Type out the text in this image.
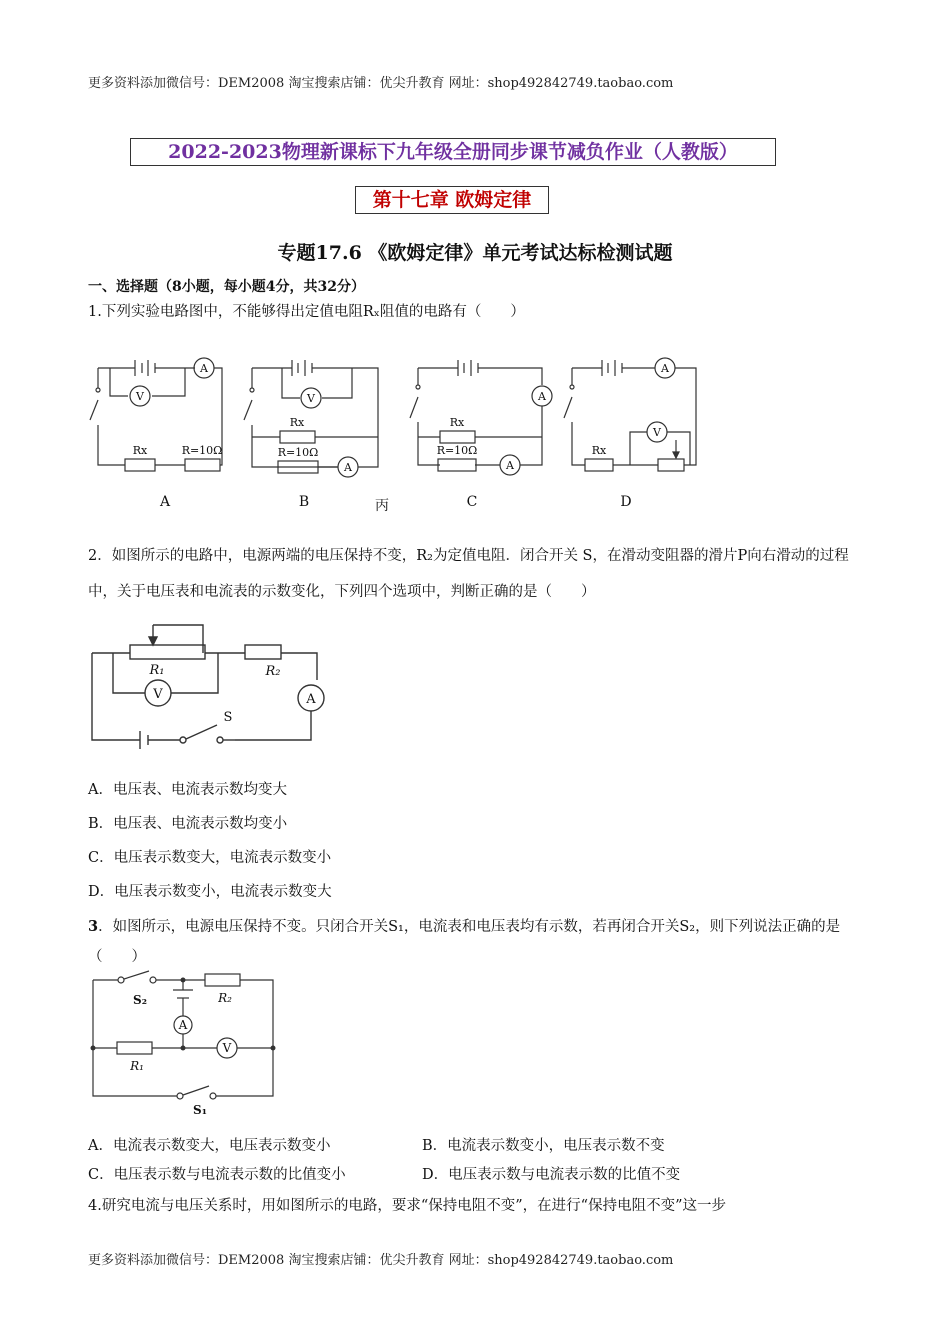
更多资料添加微信号：DEM2008 淘宝搜索店铺：优尖升教育 网址：shop492842749.taobao.com
2022-2023物理新课标下九年级全册同步课节减负作业（人教版）
第十七章 欧姆定律
专题17.6 《欧姆定律》单元考试达标检测试题
一、选择题（8小题，每小题4分，共32分）
1.下列实验电路图中，不能够得出定值电阻Rₓ阻值的电路有（　　）
V
A
Rx	R=10Ω
V
Rx
R=10Ω
A
A
Rx
R=10Ω
A
A
V
Rx
A	B	丙	C	D
2．如图所示的电路中，电源两端的电压保持不变，R₂为定值电阻．闭合开关 S，在滑动变阻器的滑片P向右滑动的过程中，关于电压表和电流表的示数变化，下列四个选项中，判断正确的是（　　）
R₁	R₂
V	A
S
A．电压表、电流表示数均变大
B．电压表、电流表示数均变小
C．电压表示数变大，电流表示数变小
D．电压表示数变小，电流表示数变大
3．如图所示，电源电压保持不变。只闭合开关S₁，电流表和电压表均有示数，若再闭合开关S₂，则下列说法正确的是（　　）
S₂	R₂
A
R₁
V
S₁
A．电流表示数变大，电压表示数变小	B．电流表示数变小，电压表示数不变
C．电压表示数与电流表示数的比值变小	D．电压表示数与电流表示数的比值不变
4.研究电流与电压关系时，用如图所示的电路，要求“保持电阻不变”，在进行“保持电阻不变”这一步
更多资料添加微信号：DEM2008 淘宝搜索店铺：优尖升教育 网址：shop492842749.taobao.com
